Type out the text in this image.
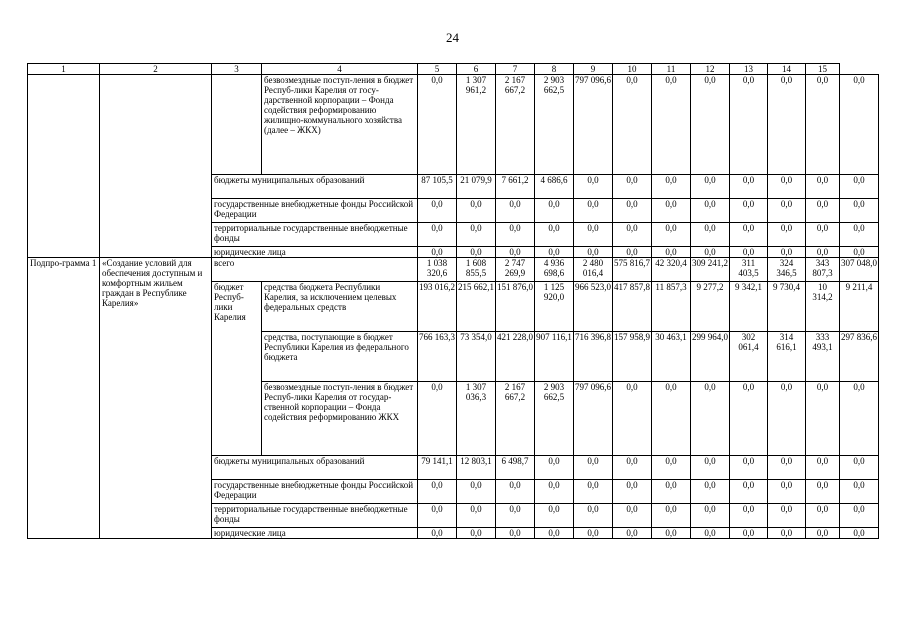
24
1	2	3	4	5	6	7	8	9	10	11	12	13	14	15	
			безвозмездные поступ-ления в бюджет Респуб-лики Карелия от госу-дарственной корпорации – Фонда содействия реформированию жилищно-коммунального хозяйства (далее – ЖКХ)	0,0	1 307 961,2	2 167 667,2	2 903 662,5	797 096,6	0,0	0,0	0,0	0,0	0,0	0,0	0,0
		бюджеты муниципальных образований		87 105,5	21 079,9	7 661,2	4 686,6	0,0	0,0	0,0	0,0	0,0	0,0	0,0	0,0
		государственные внебюджетные фонды Российской Федерации		0,0	0,0	0,0	0,0	0,0	0,0	0,0	0,0	0,0	0,0	0,0	0,0
		территориальные государственные внебюджетные фонды		0,0	0,0	0,0	0,0	0,0	0,0	0,0	0,0	0,0	0,0	0,0	0,0
		юридические лица		0,0	0,0	0,0	0,0	0,0	0,0	0,0	0,0	0,0	0,0	0,0	0,0
Подпро-грамма 1	«Создание условий для обеспечения доступным и комфортным жильем граждан в Республике Карелия»	всего		1 038 320,6	1 608 855,5	2 747 269,9	4 936 698,6	2 480 016,4	575 816,7	42 320,4	309 241,2	311 403,5	324 346,5	343 807,3	307 048,0
		бюджет Респуб-лики Карелия	средства бюджета Республики Карелия, за исключением целевых федеральных средств	193 016,2	215 662,1	151 876,0	1 125 920,0	966 523,0	417 857,8	11 857,3	9 277,2	9 342,1	9 730,4	10 314,2	9 211,4
			средства, поступающие в бюджет Республики Карелия из федерального бюджета	766 163,3	73 354,0	421 228,0	907 116,1	716 396,8	157 958,9	30 463,1	299 964,0	302 061,4	314 616,1	333 493,1	297 836,6
			безвозмездные поступ-ления в бюджет Респуб-лики Карелия от государ-ственной корпорации – Фонда содействия реформированию ЖКХ	0,0	1 307 036,3	2 167 667,2	2 903 662,5	797 096,6	0,0	0,0	0,0	0,0	0,0	0,0	0,0
		бюджеты муниципальных образований		79 141,1	12 803,1	6 498,7	0,0	0,0	0,0	0,0	0,0	0,0	0,0	0,0	0,0
		государственные внебюджетные фонды Российской Федерации		0,0	0,0	0,0	0,0	0,0	0,0	0,0	0,0	0,0	0,0	0,0	0,0
		территориальные государственные внебюджетные фонды		0,0	0,0	0,0	0,0	0,0	0,0	0,0	0,0	0,0	0,0	0,0	0,0
		юридические лица		0,0	0,0	0,0	0,0	0,0	0,0	0,0	0,0	0,0	0,0	0,0	0,0
